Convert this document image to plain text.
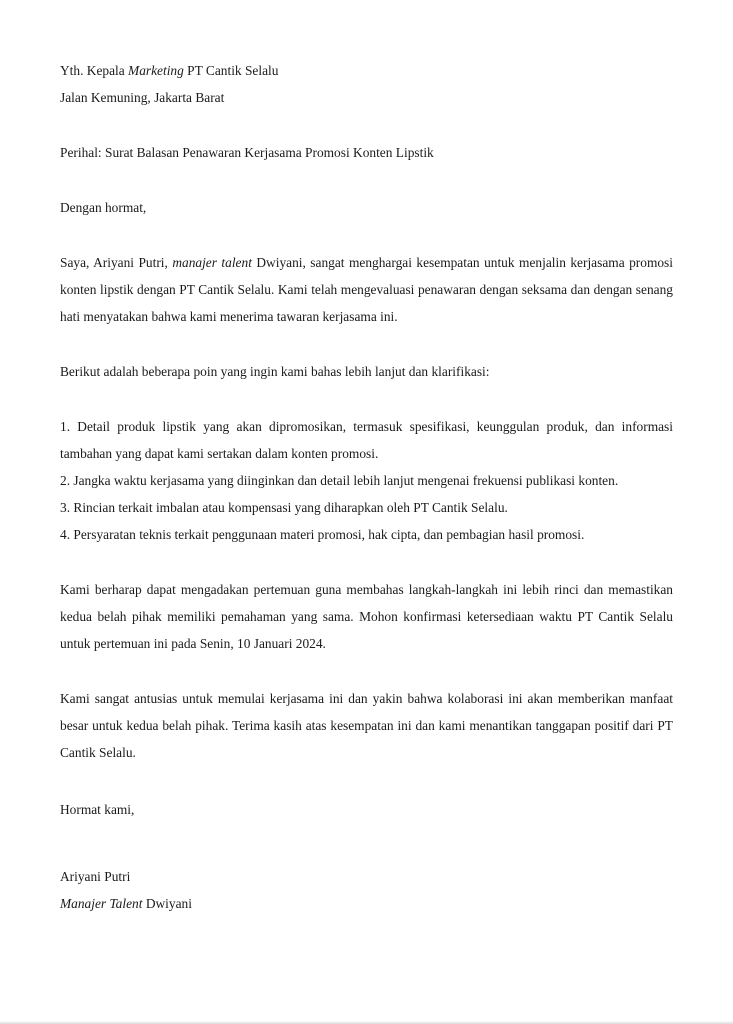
Yth. Kepala Marketing PT Cantik Selalu
Jalan Kemuning, Jakarta Barat
Perihal: Surat Balasan Penawaran Kerjasama Promosi Konten Lipstik
Dengan hormat,

Saya, Ariyani Putri, manajer talent Dwiyani, sangat menghargai kesempatan untuk menjalin kerjasama promosi konten lipstik dengan PT Cantik Selalu. Kami telah mengevaluasi penawaran dengan seksama dan dengan senang hati menyatakan bahwa kami menerima tawaran kerjasama ini.

Berikut adalah beberapa poin yang ingin kami bahas lebih lanjut dan klarifikasi:

1. Detail produk lipstik yang akan dipromosikan, termasuk spesifikasi, keunggulan produk, dan informasi tambahan yang dapat kami sertakan dalam konten promosi.

2. Jangka waktu kerjasama yang diinginkan dan detail lebih lanjut mengenai frekuensi publikasi konten.

3. Rincian terkait imbalan atau kompensasi yang diharapkan oleh PT Cantik Selalu.

4. Persyaratan teknis terkait penggunaan materi promosi, hak cipta, dan pembagian hasil promosi.

Kami berharap dapat mengadakan pertemuan guna membahas langkah-langkah ini lebih rinci dan memastikan kedua belah pihak memiliki pemahaman yang sama. Mohon konfirmasi ketersediaan waktu PT Cantik Selalu untuk pertemuan ini pada Senin, 10 Januari 2024.

Kami sangat antusias untuk memulai kerjasama ini dan yakin bahwa kolaborasi ini akan memberikan manfaat besar untuk kedua belah pihak. Terima kasih atas kesempatan ini dan kami menantikan tanggapan positif dari PT Cantik Selalu.

Hormat kami,
Ariyani Putri
Manajer Talent Dwiyani
